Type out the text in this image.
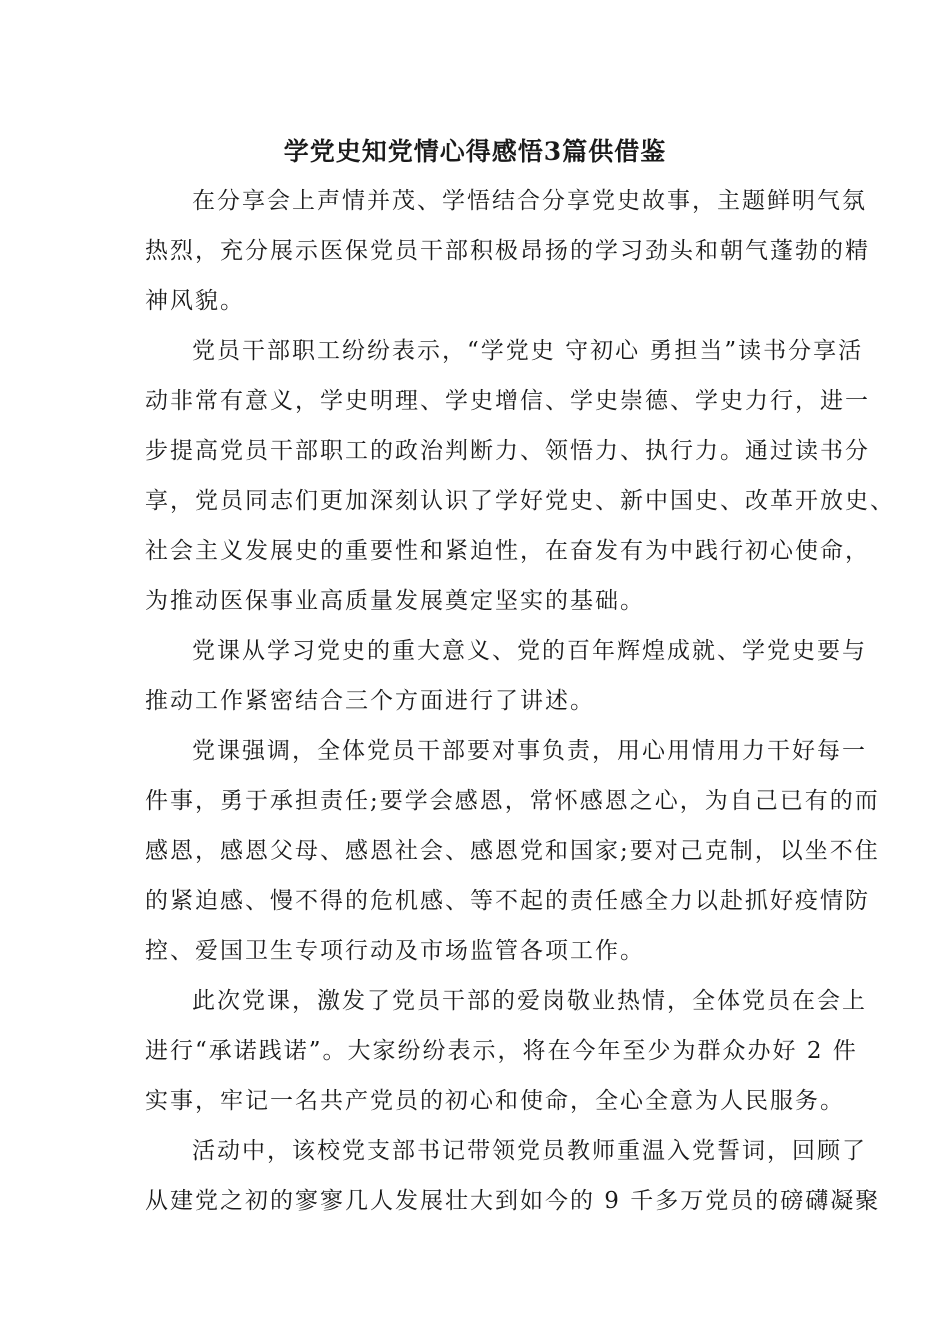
学党史知党情心得感悟3篇供借鉴

在分享会上声情并茂、学悟结合分享党史故事，主题鲜明气氛

热烈，充分展示医保党员干部积极昂扬的学习劲头和朝气蓬勃的精

神风貌。

党员干部职工纷纷表示，“学党史 守初心 勇担当”读书分享活

动非常有意义，学史明理、学史增信、学史崇德、学史力行，进一

步提高党员干部职工的政治判断力、领悟力、执行力。通过读书分

享，党员同志们更加深刻认识了学好党史、新中国史、改革开放史、

社会主义发展史的重要性和紧迫性，在奋发有为中践行初心使命，

为推动医保事业高质量发展奠定坚实的基础。

党课从学习党史的重大意义、党的百年辉煌成就、学党史要与

推动工作紧密结合三个方面进行了讲述。

党课强调，全体党员干部要对事负责，用心用情用力干好每一

件事，勇于承担责任;要学会感恩，常怀感恩之心，为自己已有的而

感恩，感恩父母、感恩社会、感恩党和国家;要对己克制，以坐不住

的紧迫感、慢不得的危机感、等不起的责任感全力以赴抓好疫情防

控、爱国卫生专项行动及市场监管各项工作。

此次党课，激发了党员干部的爱岗敬业热情，全体党员在会上

进行“承诺践诺”。大家纷纷表示，将在今年至少为群众办好 2 件

实事，牢记一名共产党员的初心和使命，全心全意为人民服务。

活动中，该校党支部书记带领党员教师重温入党誓词，回顾了

从建党之初的寥寥几人发展壮大到如今的 9 千多万党员的磅礴凝聚
